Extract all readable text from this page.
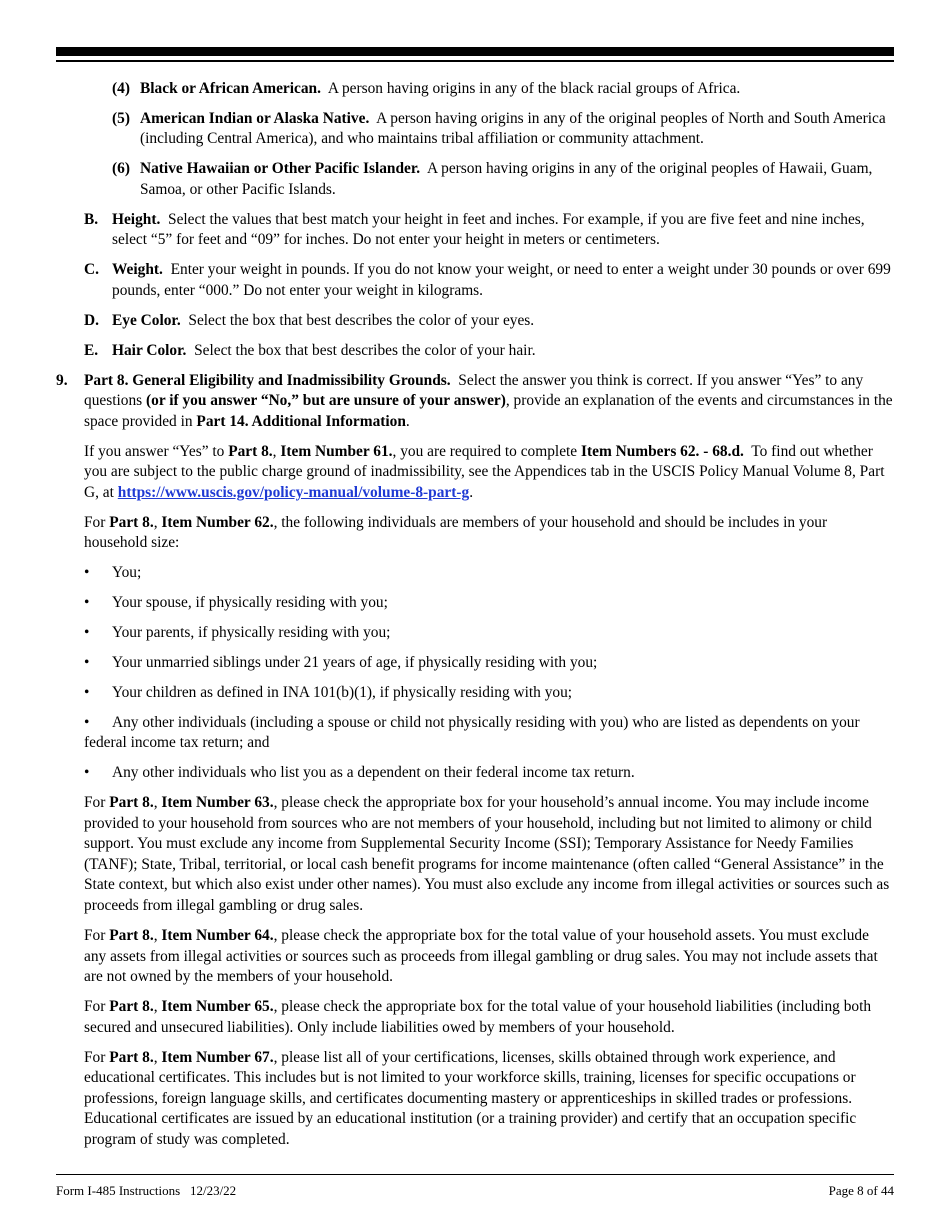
(4) Black or African American. A person having origins in any of the black racial groups of Africa.

(5) American Indian or Alaska Native. A person having origins in any of the original peoples of North and South America (including Central America), and who maintains tribal affiliation or community attachment.

(6) Native Hawaiian or Other Pacific Islander. A person having origins in any of the original peoples of Hawaii, Guam, Samoa, or other Pacific Islands.

B. Height. Select the values that best match your height in feet and inches. For example, if you are five feet and nine inches, select “5” for feet and “09” for inches. Do not enter your height in meters or centimeters.

C. Weight. Enter your weight in pounds. If you do not know your weight, or need to enter a weight under 30 pounds or over 699 pounds, enter “000.” Do not enter your weight in kilograms.

D. Eye Color. Select the box that best describes the color of your eyes.

E. Hair Color. Select the box that best describes the color of your hair.

9. Part 8. General Eligibility and Inadmissibility Grounds. Select the answer you think is correct. If you answer “Yes” to any questions (or if you answer “No,” but are unsure of your answer), provide an explanation of the events and circumstances in the space provided in Part 14. Additional Information.

If you answer “Yes” to Part 8., Item Number 61., you are required to complete Item Numbers 62. - 68.d. To find out whether you are subject to the public charge ground of inadmissibility, see the Appendices tab in the USCIS Policy Manual Volume 8, Part G, at https://www.uscis.gov/policy-manual/volume-8-part-g.

For Part 8., Item Number 62., the following individuals are members of your household and should be includes in your household size:

• You;

• Your spouse, if physically residing with you;

• Your parents, if physically residing with you;

• Your unmarried siblings under 21 years of age, if physically residing with you;

• Your children as defined in INA 101(b)(1), if physically residing with you;

• Any other individuals (including a spouse or child not physically residing with you) who are listed as dependents on your federal income tax return; and

• Any other individuals who list you as a dependent on their federal income tax return.

For Part 8., Item Number 63., please check the appropriate box for your household’s annual income. You may include income provided to your household from sources who are not members of your household, including but not limited to alimony or child support. You must exclude any income from Supplemental Security Income (SSI); Temporary Assistance for Needy Families (TANF); State, Tribal, territorial, or local cash benefit programs for income maintenance (often called “General Assistance” in the State context, but which also exist under other names). You must also exclude any income from illegal activities or sources such as proceeds from illegal gambling or drug sales.

For Part 8., Item Number 64., please check the appropriate box for the total value of your household assets. You must exclude any assets from illegal activities or sources such as proceeds from illegal gambling or drug sales. You may not include assets that are not owned by the members of your household.

For Part 8., Item Number 65., please check the appropriate box for the total value of your household liabilities (including both secured and unsecured liabilities). Only include liabilities owed by members of your household.

For Part 8., Item Number 67., please list all of your certifications, licenses, skills obtained through work experience, and educational certificates. This includes but is not limited to your workforce skills, training, licenses for specific occupations or professions, foreign language skills, and certificates documenting mastery or apprenticeships in skilled trades or professions. Educational certificates are issued by an educational institution (or a training provider) and certify that an occupation specific program of study was completed.

Form I-485 Instructions   12/23/22	Page 8 of 44
